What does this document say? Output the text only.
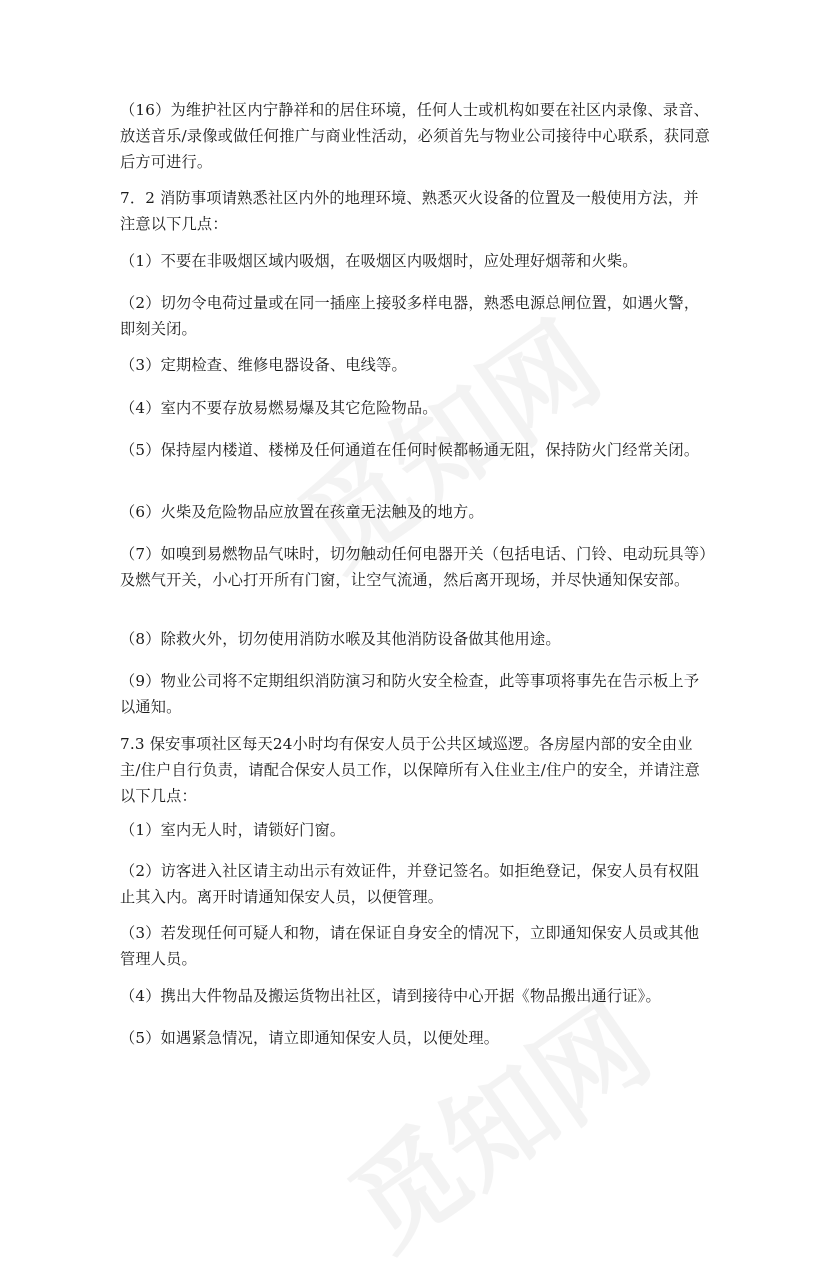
（16）为维护社区内宁静祥和的居住环境，任何人士或机构如要在社区内录像、录音、放送音乐/录像或做任何推广与商业性活动，必须首先与物业公司接待中心联系，获同意后方可进行。

7．2 消防事项请熟悉社区内外的地理环境、熟悉灭火设备的位置及一般使用方法，并注意以下几点：

（1）不要在非吸烟区域内吸烟，在吸烟区内吸烟时，应处理好烟蒂和火柴。

（2）切勿令电荷过量或在同一插座上接驳多样电器，熟悉电源总闸位置，如遇火警，即刻关闭。

（3）定期检查、维修电器设备、电线等。

（4）室内不要存放易燃易爆及其它危险物品。

（5）保持屋内楼道、楼梯及任何通道在任何时候都畅通无阻，保持防火门经常关闭。

（6）火柴及危险物品应放置在孩童无法触及的地方。

（7）如嗅到易燃物品气味时，切勿触动任何电器开关（包括电话、门铃、电动玩具等）及燃气开关，小心打开所有门窗，让空气流通，然后离开现场，并尽快通知保安部。

（8）除救火外，切勿使用消防水喉及其他消防设备做其他用途。

（9）物业公司将不定期组织消防演习和防火安全检查，此等事项将事先在告示板上予以通知。

7.3 保安事项社区每天24小时均有保安人员于公共区域巡逻。各房屋内部的安全由业主/住户自行负责，请配合保安人员工作，以保障所有入住业主/住户的安全，并请注意以下几点：

（1）室内无人时，请锁好门窗。

（2）访客进入社区请主动出示有效证件，并登记签名。如拒绝登记，保安人员有权阻止其入内。离开时请通知保安人员，以便管理。

（3）若发现任何可疑人和物，请在保证自身安全的情况下，立即通知保安人员或其他管理人员。

（4）携出大件物品及搬运货物出社区，请到接待中心开据《物品搬出通行证》。

（5）如遇紧急情况，请立即通知保安人员，以便处理。
